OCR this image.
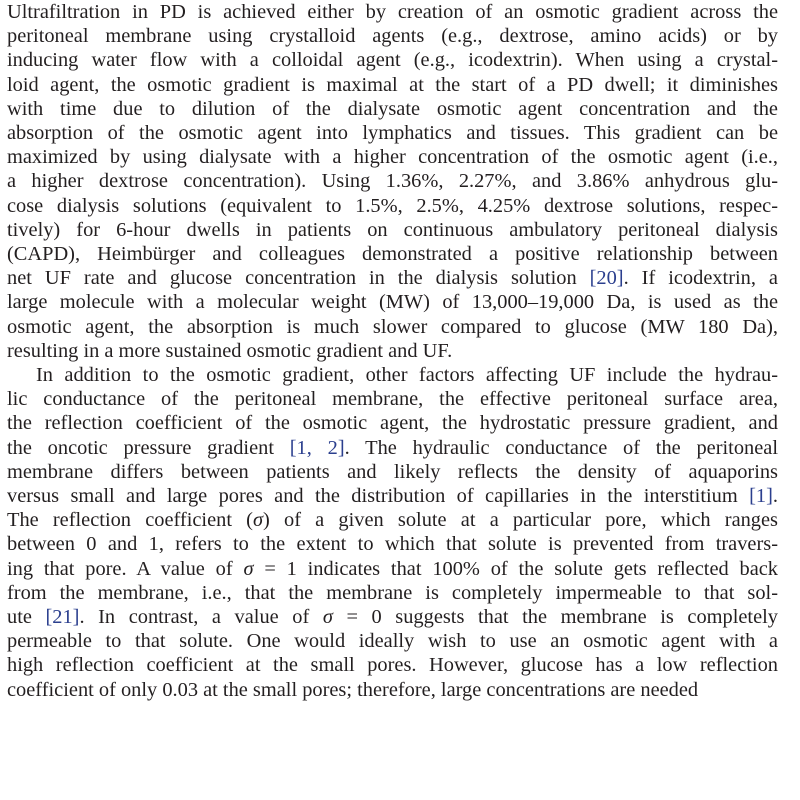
Ultrafiltration in PD is achieved either by creation of an osmotic gradient across the
peritoneal membrane using crystalloid agents (e.g., dextrose, amino acids) or by
inducing water flow with a colloidal agent (e.g., icodextrin). When using a crystal-
loid agent, the osmotic gradient is maximal at the start of a PD dwell; it diminishes
with time due to dilution of the dialysate osmotic agent concentration and the
absorption of the osmotic agent into lymphatics and tissues. This gradient can be
maximized by using dialysate with a higher concentration of the osmotic agent (i.e.,
a higher dextrose concentration). Using 1.36%, 2.27%, and 3.86% anhydrous glu-
cose dialysis solutions (equivalent to 1.5%, 2.5%, 4.25% dextrose solutions, respec-
tively) for 6-hour dwells in patients on continuous ambulatory peritoneal dialysis
(CAPD), Heimbürger and colleagues demonstrated a positive relationship between
net UF rate and glucose concentration in the dialysis solution [20]. If icodextrin, a
large molecule with a molecular weight (MW) of 13,000–19,000 Da, is used as the
osmotic agent, the absorption is much slower compared to glucose (MW 180 Da),
resulting in a more sustained osmotic gradient and UF.
In addition to the osmotic gradient, other factors affecting UF include the hydrau-
lic conductance of the peritoneal membrane, the effective peritoneal surface area,
the reflection coefficient of the osmotic agent, the hydrostatic pressure gradient, and
the oncotic pressure gradient [1, 2]. The hydraulic conductance of the peritoneal
membrane differs between patients and likely reflects the density of aquaporins
versus small and large pores and the distribution of capillaries in the interstitium [1].
The reflection coefficient (σ) of a given solute at a particular pore, which ranges
between 0 and 1, refers to the extent to which that solute is prevented from travers-
ing that pore. A value of σ = 1 indicates that 100% of the solute gets reflected back
from the membrane, i.e., that the membrane is completely impermeable to that sol-
ute [21]. In contrast, a value of σ = 0 suggests that the membrane is completely
permeable to that solute. One would ideally wish to use an osmotic agent with a
high reflection coefficient at the small pores. However, glucose has a low reflection
coefficient of only 0.03 at the small pores; therefore, large concentrations are needed
